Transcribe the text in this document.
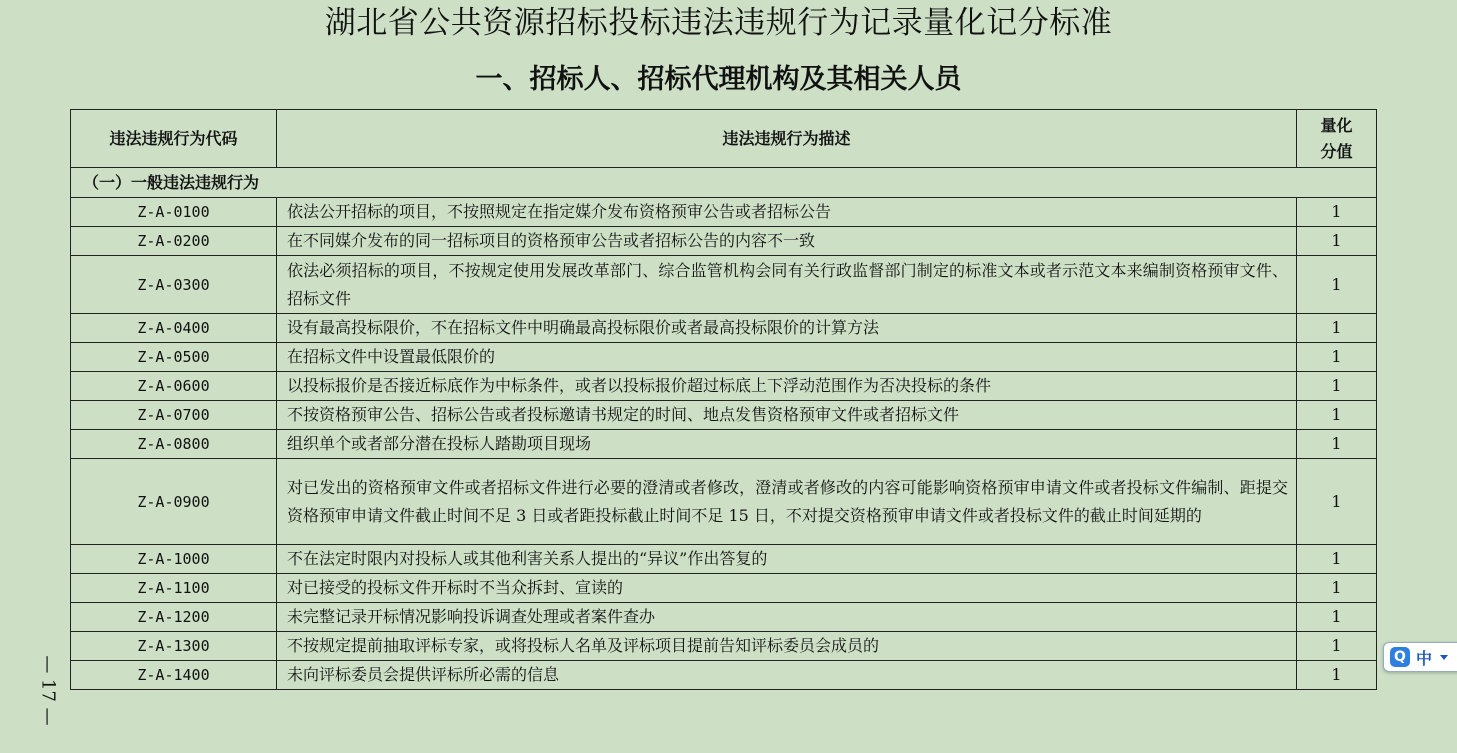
湖北省公共资源招标投标违法违规行为记录量化记分标准
一、招标人、招标代理机构及其相关人员
违法违规行为代码	违法违规行为描述	量化
分值
（一）一般违法违规行为		
Z-A-0100	依法公开招标的项目，不按照规定在指定媒介发布资格预审公告或者招标公告	1
Z-A-0200	在不同媒介发布的同一招标项目的资格预审公告或者招标公告的内容不一致	1
Z-A-0300	依法必须招标的项目，不按规定使用发展改革部门、综合监管机构会同有关行政监督部门制定的标准文本或者示范文本来编制资格预审文件、招标文件	1
Z-A-0400	设有最高投标限价，不在招标文件中明确最高投标限价或者最高投标限价的计算方法	1
Z-A-0500	在招标文件中设置最低限价的	1
Z-A-0600	以投标报价是否接近标底作为中标条件，或者以投标报价超过标底上下浮动范围作为否决投标的条件	1
Z-A-0700	不按资格预审公告、招标公告或者投标邀请书规定的时间、地点发售资格预审文件或者招标文件	1
Z-A-0800	组织单个或者部分潜在投标人踏勘项目现场	1
Z-A-0900	对已发出的资格预审文件或者招标文件进行必要的澄清或者修改，澄清或者修改的内容可能影响资格预审申请文件或者投标文件编制、距提交资格预审申请文件截止时间不足 3 日或者距投标截止时间不足 15 日，不对提交资格预审申请文件或者投标文件的截止时间延期的	1
Z-A-1000	不在法定时限内对投标人或其他利害关系人提出的“异议”作出答复的	1
Z-A-1100	对已接受的投标文件开标时不当众拆封、宣读的	1
Z-A-1200	未完整记录开标情况影响投诉调查处理或者案件查办	1
Z-A-1300	不按规定提前抽取评标专家，或将投标人名单及评标项目提前告知评标委员会成员的	1
Z-A-1400	未向评标委员会提供评标所必需的信息	1
— 17 —	Q 中
